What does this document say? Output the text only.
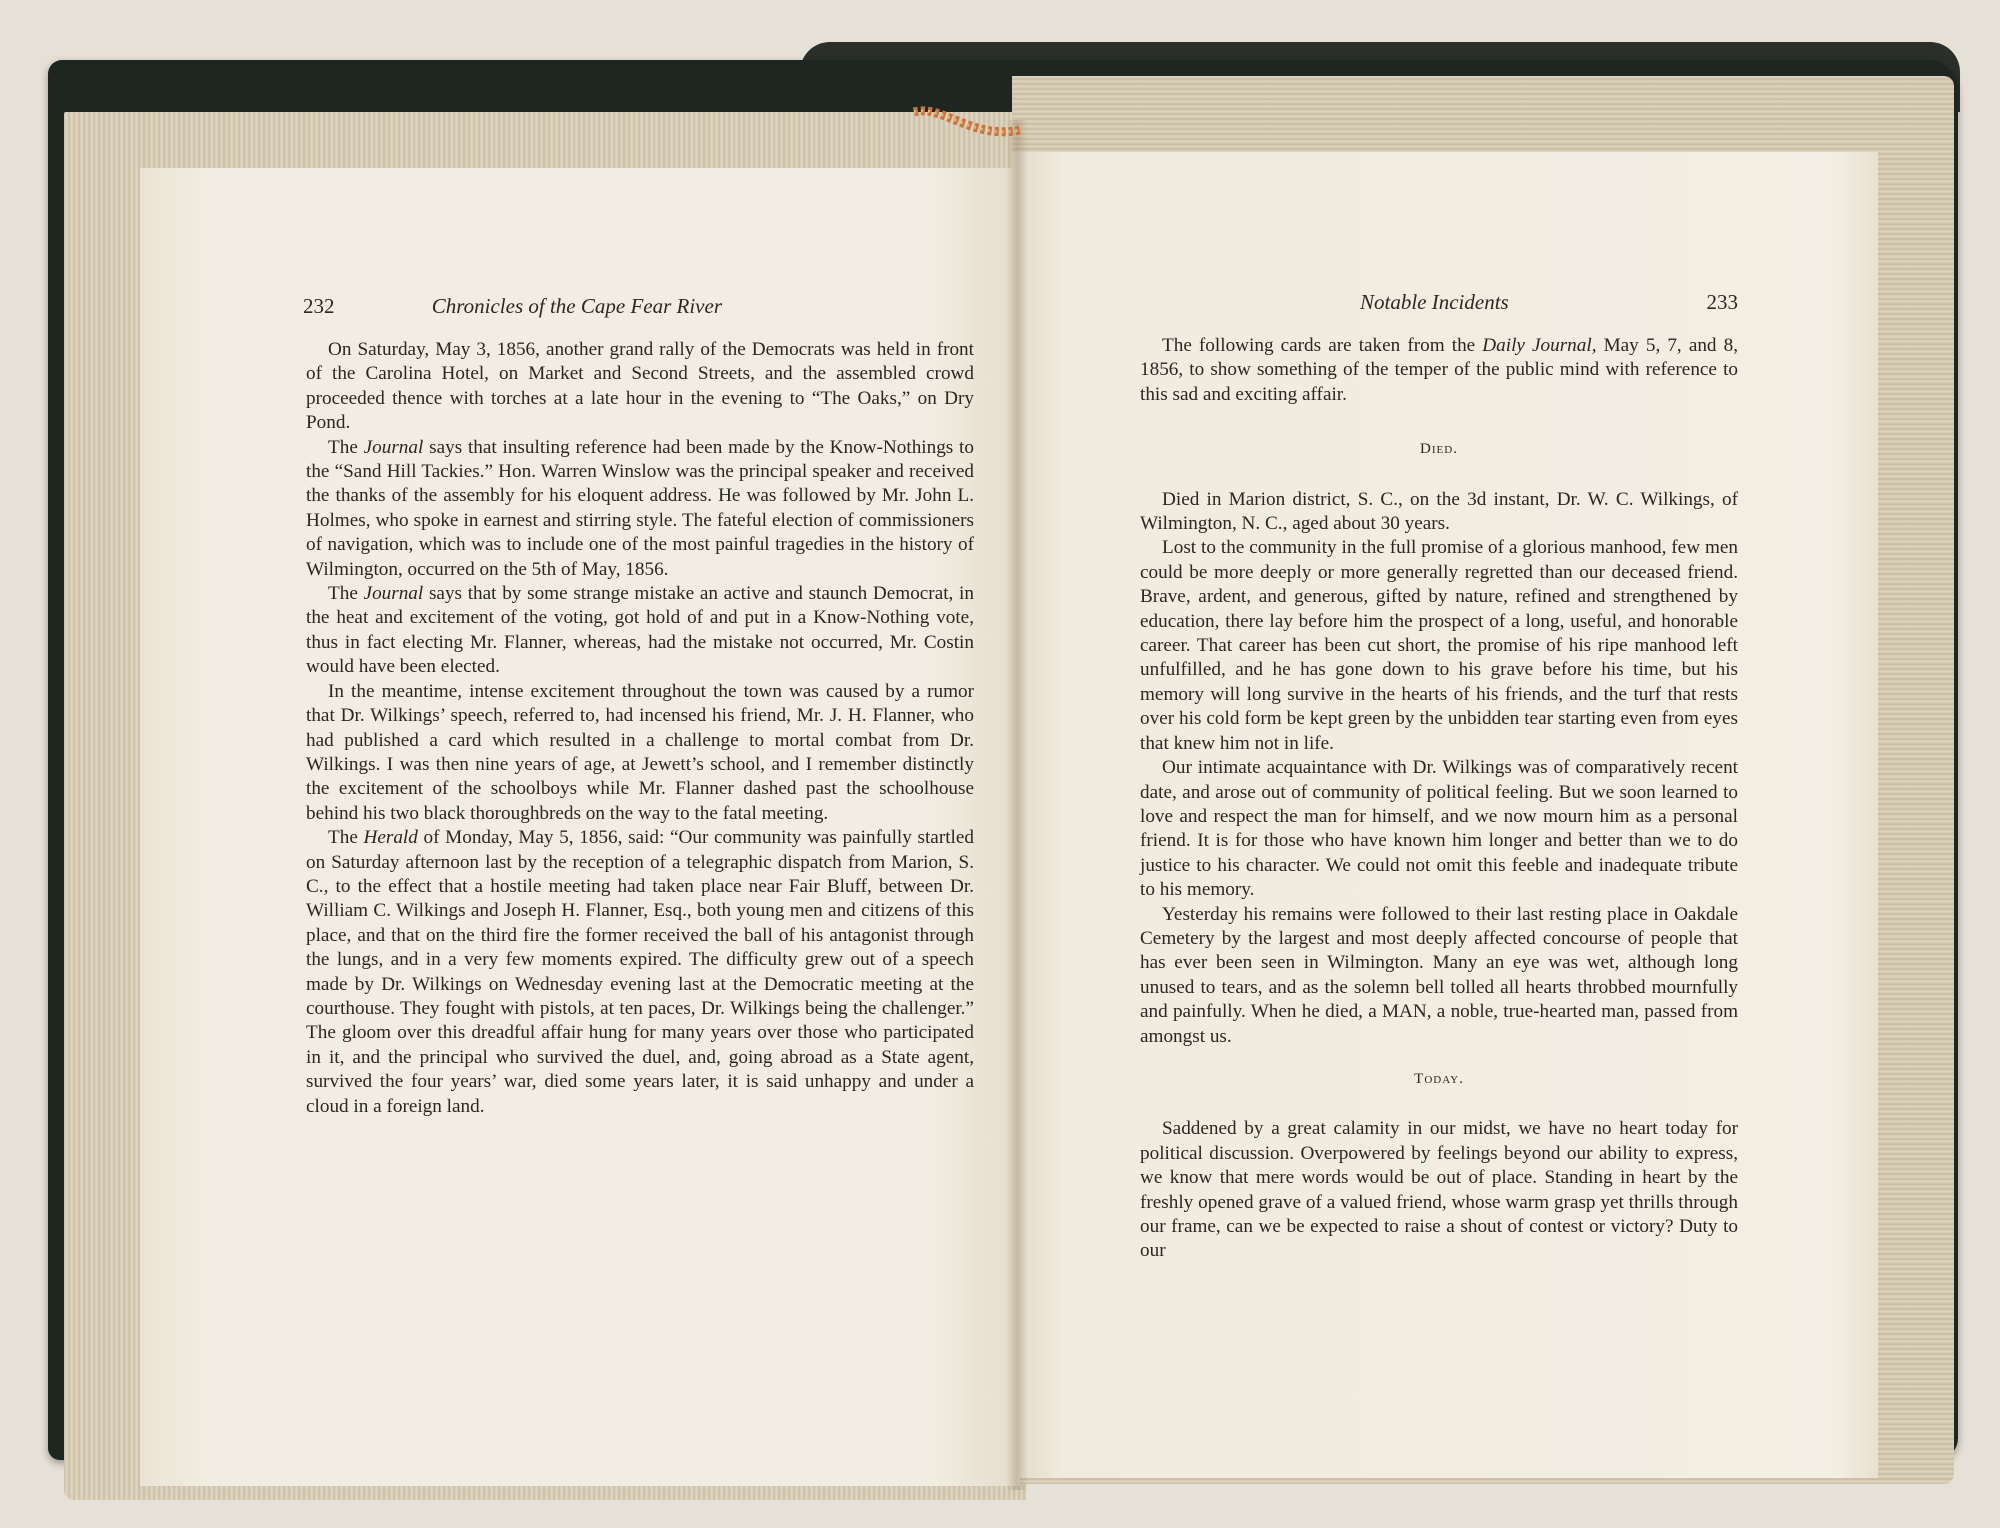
232	Chronicles of the Cape Fear River

On Saturday, May 3, 1856, another grand rally of the Democrats was held in front of the Carolina Hotel, on Market and Second Streets, and the assembled crowd proceeded thence with torches at a late hour in the evening to “The Oaks,” on Dry Pond.

The Journal says that insulting reference had been made by the Know-Nothings to the “Sand Hill Tackies.” Hon. Warren Winslow was the principal speaker and received the thanks of the assembly for his eloquent address. He was followed by Mr. John L. Holmes, who spoke in earnest and stirring style. The fateful election of commissioners of navigation, which was to include one of the most painful tragedies in the history of Wilmington, occurred on the 5th of May, 1856.

The Journal says that by some strange mistake an active and staunch Democrat, in the heat and excitement of the voting, got hold of and put in a Know-Nothing vote, thus in fact electing Mr. Flanner, whereas, had the mistake not occurred, Mr. Costin would have been elected.

In the meantime, intense excitement throughout the town was caused by a rumor that Dr. Wilkings’ speech, referred to, had incensed his friend, Mr. J. H. Flanner, who had published a card which resulted in a challenge to mortal combat from Dr. Wilkings. I was then nine years of age, at Jewett’s school, and I remember distinctly the excitement of the schoolboys while Mr. Flanner dashed past the schoolhouse behind his two black thoroughbreds on the way to the fatal meeting.

The Herald of Monday, May 5, 1856, said: “Our community was painfully startled on Saturday afternoon last by the reception of a telegraphic dispatch from Marion, S. C., to the effect that a hostile meeting had taken place near Fair Bluff, between Dr. William C. Wilkings and Joseph H. Flanner, Esq., both young men and citizens of this place, and that on the third fire the former received the ball of his antagonist through the lungs, and in a very few moments expired. The difficulty grew out of a speech made by Dr. Wilkings on Wednesday evening last at the Democratic meeting at the courthouse. They fought with pistols, at ten paces, Dr. Wilkings being the challenger.” The gloom over this dreadful affair hung for many years over those who participated in it, and the principal who survived the duel, and, going abroad as a State agent, survived the four years’ war, died some years later, it is said unhappy and under a cloud in a foreign land.

Notable Incidents	233

The following cards are taken from the Daily Journal, May 5, 7, and 8, 1856, to show something of the temper of the public mind with reference to this sad and exciting affair.

Died.

Died in Marion district, S. C., on the 3d instant, Dr. W. C. Wilkings, of Wilmington, N. C., aged about 30 years.

Lost to the community in the full promise of a glorious manhood, few men could be more deeply or more generally regretted than our deceased friend. Brave, ardent, and generous, gifted by nature, refined and strengthened by education, there lay before him the prospect of a long, useful, and honorable career. That career has been cut short, the promise of his ripe manhood left unfulfilled, and he has gone down to his grave before his time, but his memory will long survive in the hearts of his friends, and the turf that rests over his cold form be kept green by the unbidden tear starting even from eyes that knew him not in life.

Our intimate acquaintance with Dr. Wilkings was of comparatively recent date, and arose out of community of political feeling. But we soon learned to love and respect the man for himself, and we now mourn him as a personal friend. It is for those who have known him longer and better than we to do justice to his character. We could not omit this feeble and inadequate tribute to his memory.

Yesterday his remains were followed to their last resting place in Oakdale Cemetery by the largest and most deeply affected concourse of people that has ever been seen in Wilmington. Many an eye was wet, although long unused to tears, and as the solemn bell tolled all hearts throbbed mournfully and painfully. When he died, a MAN, a noble, true-hearted man, passed from amongst us.

Today.

Saddened by a great calamity in our midst, we have no heart today for political discussion. Overpowered by feelings beyond our ability to express, we know that mere words would be out of place. Standing in heart by the freshly opened grave of a valued friend, whose warm grasp yet thrills through our frame, can we be expected to raise a shout of contest or victory? Duty to our
